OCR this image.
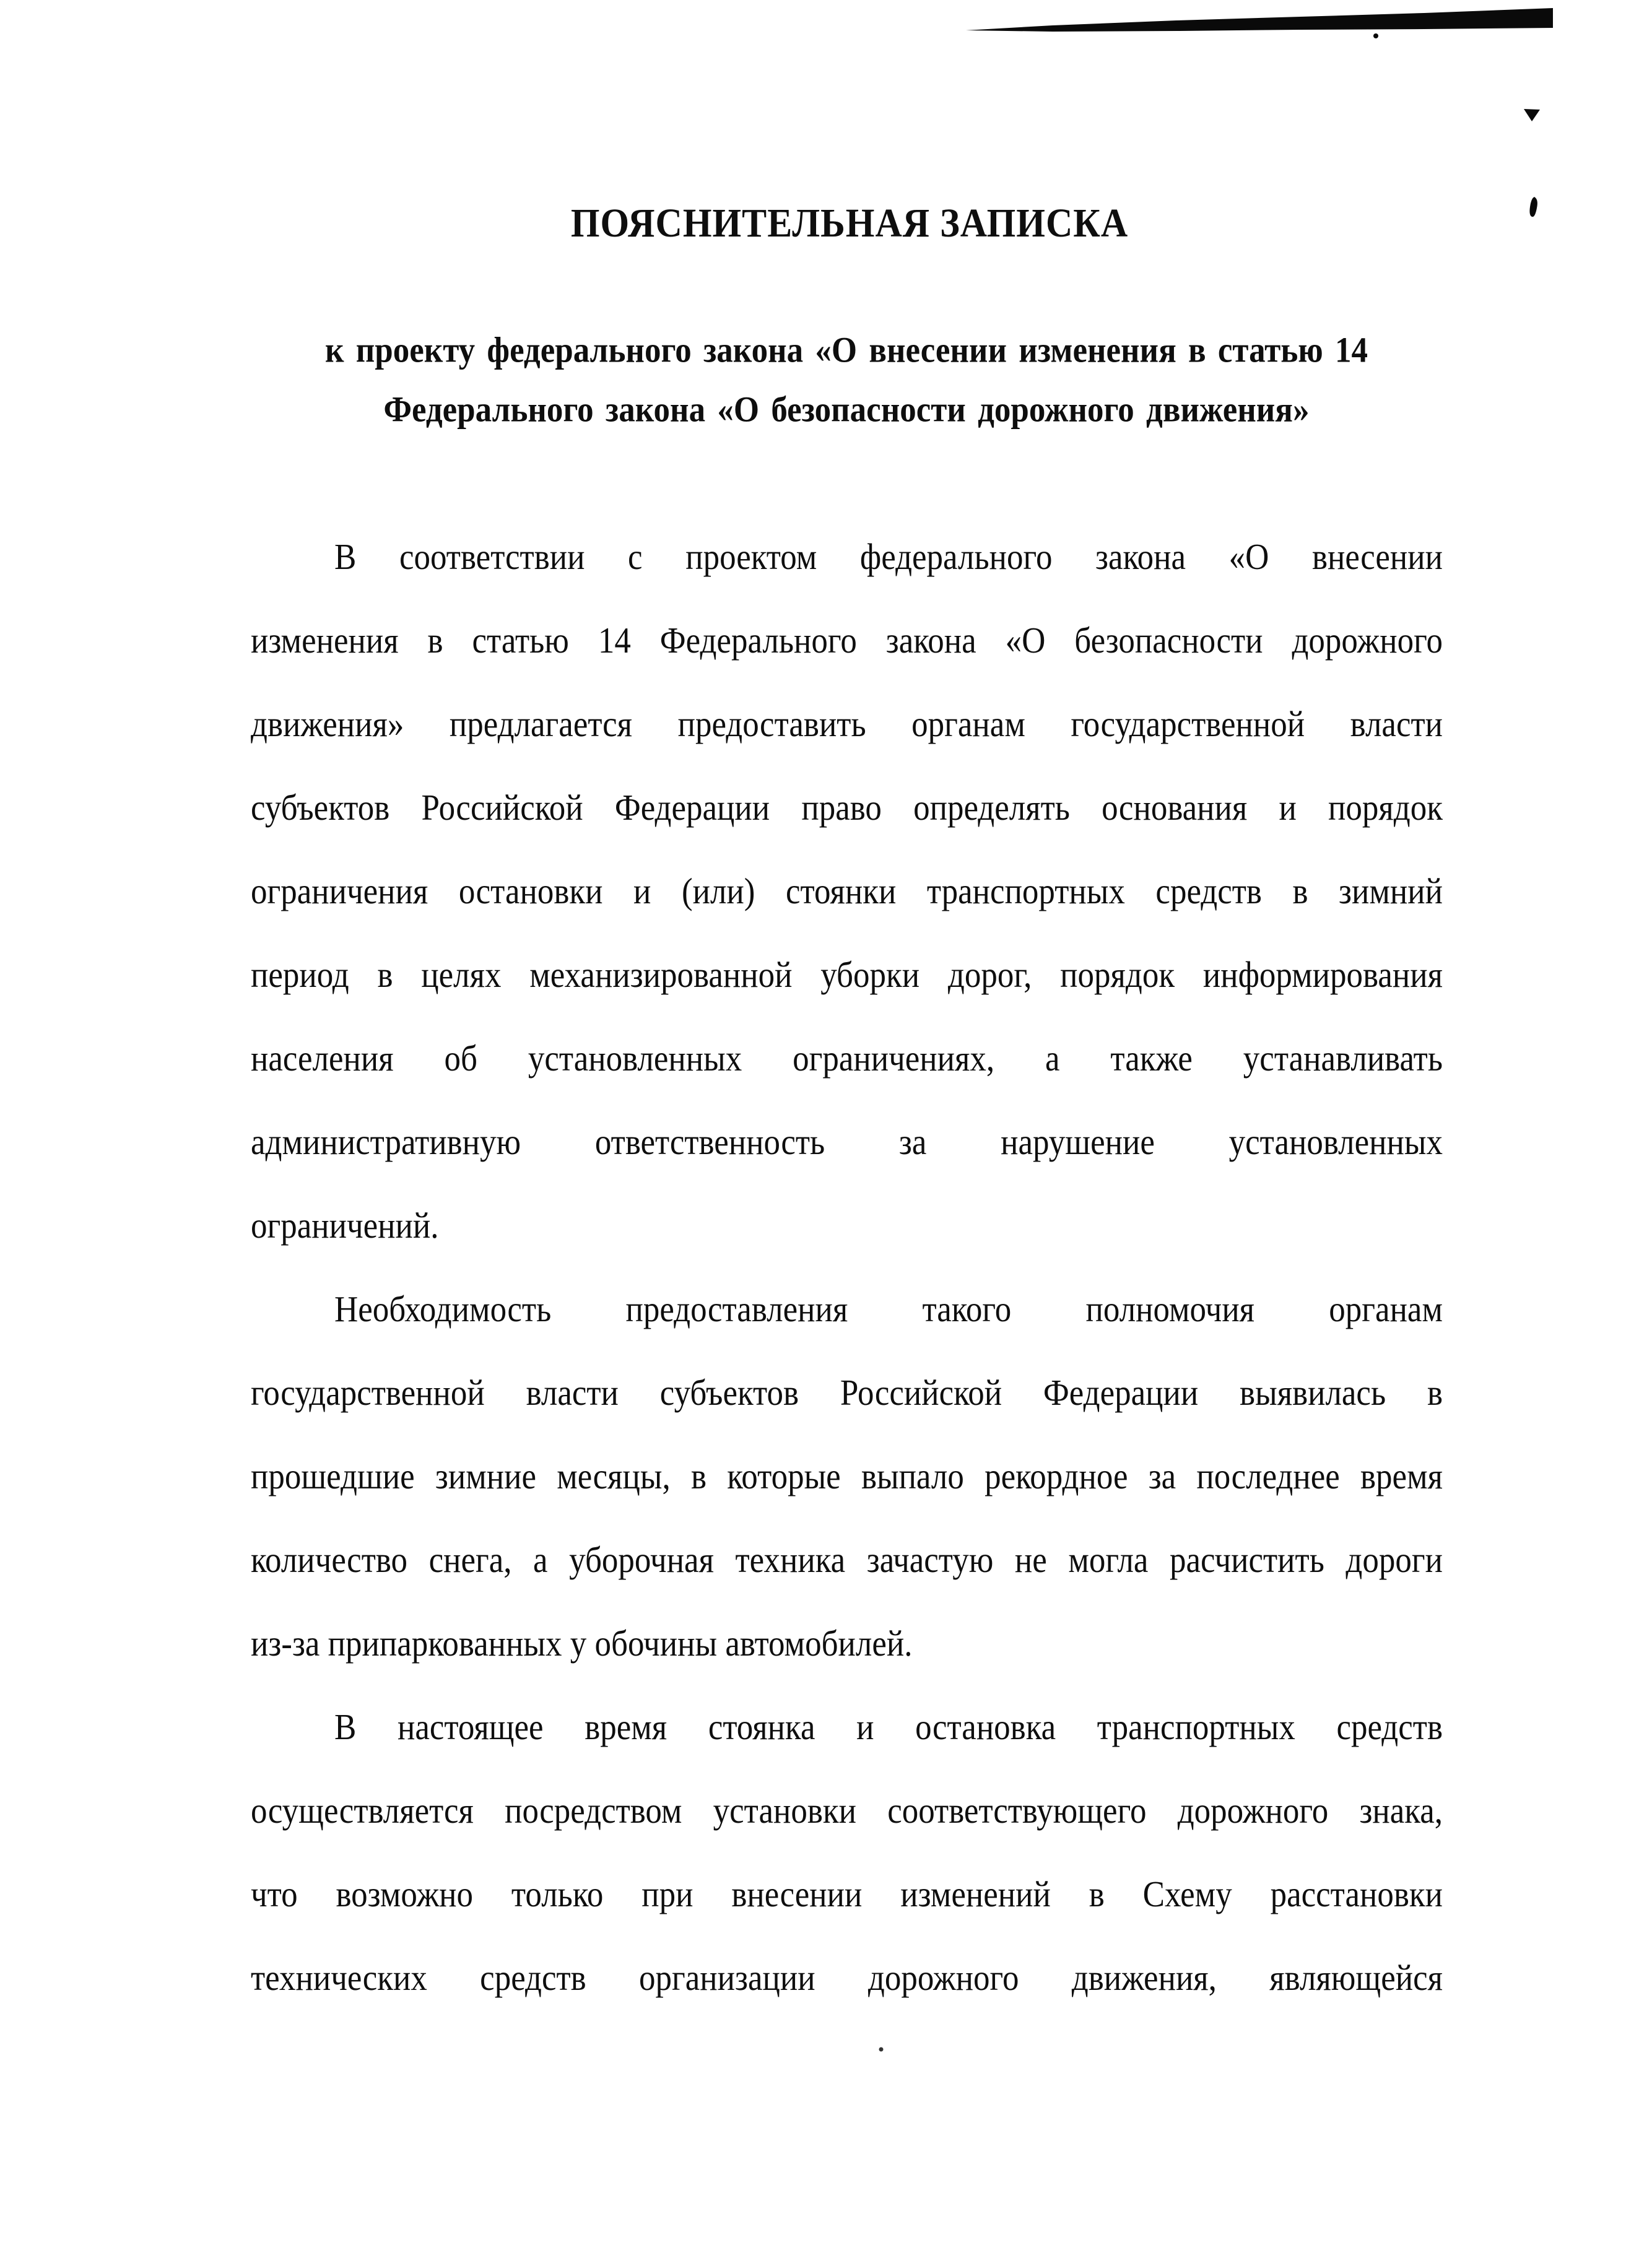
ПОЯСНИТЕЛЬНАЯ ЗАПИСКА
к проекту федерального закона «О внесении изменения в статью 14
Федерального закона «О безопасности дорожного движения»
В соответствии с проектом федерального закона «О внесении
изменения в статью 14 Федерального закона «О безопасности дорожного
движения» предлагается предоставить органам государственной власти
субъектов Российской Федерации право определять основания и порядок
ограничения остановки и (или) стоянки транспортных средств в зимний
период в целях механизированной уборки дорог, порядок информирования
населения об установленных ограничениях, а также устанавливать
административную ответственность за нарушение установленных
ограничений.
Необходимость предоставления такого полномочия органам
государственной власти субъектов Российской Федерации выявилась в
прошедшие зимние месяцы, в которые выпало рекордное за последнее время
количество снега, а уборочная техника зачастую не могла расчистить дороги
из-за припаркованных у обочины автомобилей.
В настоящее время стоянка и остановка транспортных средств
осуществляется посредством установки соответствующего дорожного знака,
что возможно только при внесении изменений в Схему расстановки
технических средств организации дорожного движения, являющейся
